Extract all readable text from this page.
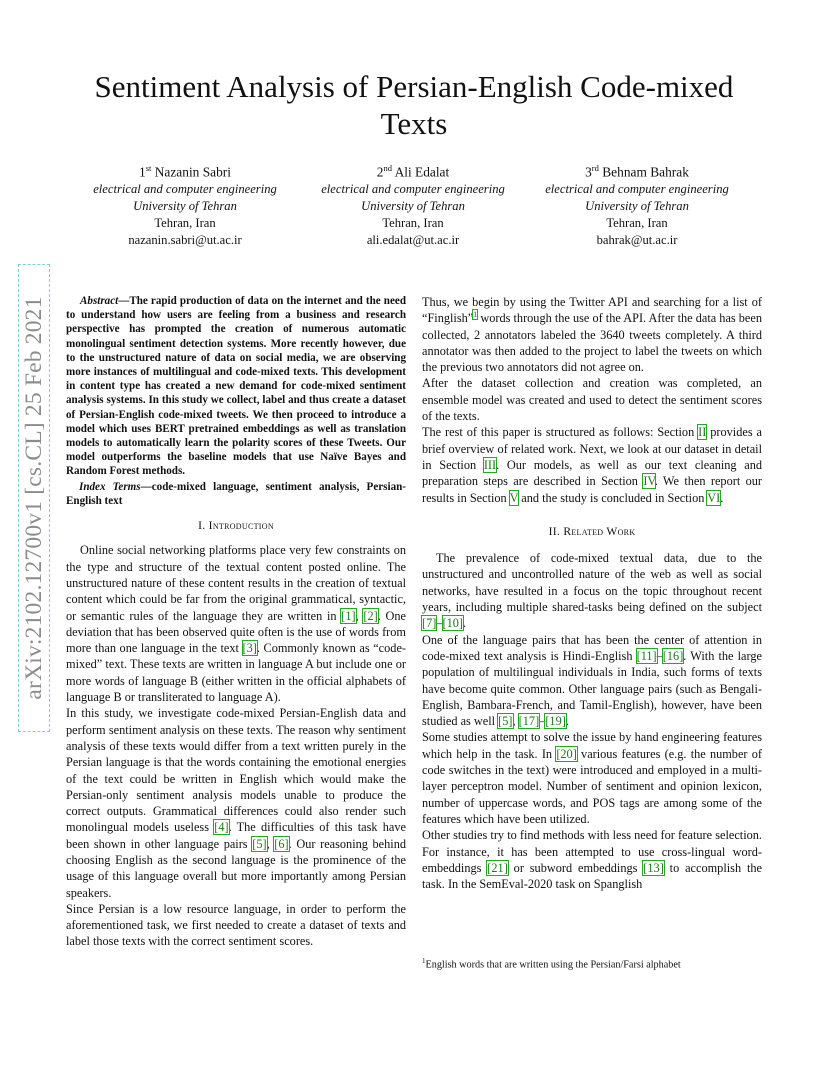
arXiv:2102.12700v1 [cs.CL] 25 Feb 2021
Sentiment Analysis of Persian-English Code-mixed Texts
1st Nazanin Sabri
electrical and computer engineering
University of Tehran
Tehran, Iran
nazanin.sabri@ut.ac.ir
2nd Ali Edalat
electrical and computer engineering
University of Tehran
Tehran, Iran
ali.edalat@ut.ac.ir
3rd Behnam Bahrak
electrical and computer engineering
University of Tehran
Tehran, Iran
bahrak@ut.ac.ir

Abstract—The rapid production of data on the internet and the need to understand how users are feeling from a business and research perspective has prompted the creation of numerous automatic monolingual sentiment detection systems. More recently however, due to the unstructured nature of data on social media, we are observing more instances of multilingual and code-mixed texts. This development in content type has created a new demand for code-mixed sentiment analysis systems. In this study we collect, label and thus create a dataset of Persian-English code-mixed tweets. We then proceed to introduce a model which uses BERT pretrained embeddings as well as translation models to automatically learn the polarity scores of these Tweets. Our model outperforms the baseline models that use Naïve Bayes and Random Forest methods.

Index Terms—code-mixed language, sentiment analysis, Persian-English text

I. Introduction

Online social networking platforms place very few constraints on the type and structure of the textual content posted online. The unstructured nature of these content results in the creation of textual content which could be far from the original grammatical, syntactic, or semantic rules of the language they are written in [1], [2]. One deviation that has been observed quite often is the use of words from more than one language in the text [3]. Commonly known as “code-mixed” text. These texts are written in language A but include one or more words of language B (either written in the official alphabets of language B or transliterated to language A).

In this study, we investigate code-mixed Persian-English data and perform sentiment analysis on these texts. The reason why sentiment analysis of these texts would differ from a text written purely in the Persian language is that the words containing the emotional energies of the text could be written in English which would make the Persian-only sentiment analysis models unable to produce the correct outputs. Grammatical differences could also render such monolingual models useless [4]. The difficulties of this task have been shown in other language pairs [5], [6]. Our reasoning behind choosing English as the second language is the prominence of the usage of this language overall but more importantly among Persian speakers.

Since Persian is a low resource language, in order to perform the aforementioned task, we first needed to create a dataset of texts and label those texts with the correct sentiment scores.

Thus, we begin by using the Twitter API and searching for a list of “Finglish”$^1$ words through the use of the API. After the data has been collected, 2 annotators labeled the 3640 tweets completely. A third annotator was then added to the project to label the tweets on which the previous two annotators did not agree on.

After the dataset collection and creation was completed, an ensemble model was created and used to detect the sentiment scores of the texts.

The rest of this paper is structured as follows: Section II provides a brief overview of related work. Next, we look at our dataset in detail in Section III. Our models, as well as our text cleaning and preparation steps are described in Section IV. We then report our results in Section V and the study is concluded in Section VI.

II. Related Work

The prevalence of code-mixed textual data, due to the unstructured and uncontrolled nature of the web as well as social networks, have resulted in a focus on the topic throughout recent years, including multiple shared-tasks being defined on the subject [7]–[10].

One of the language pairs that has been the center of attention in code-mixed text analysis is Hindi-English [11]–[16]. With the large population of multilingual individuals in India, such forms of texts have become quite common. Other language pairs (such as Bengali-English, Bambara-French, and Tamil-English), however, have been studied as well [5], [17]–[19].

Some studies attempt to solve the issue by hand engineering features which help in the task. In [20] various features (e.g. the number of code switches in the text) were introduced and employed in a multi-layer perceptron model. Number of sentiment and opinion lexicon, number of uppercase words, and POS tags are among some of the features which have been utilized.

Other studies try to find methods with less need for feature selection. For instance, it has been attempted to use cross-lingual word-embeddings [21] or subword embeddings [13] to accomplish the task. In the SemEval-2020 task on Spanglish

$^1$English words that are written using the Persian/Farsi alphabet
